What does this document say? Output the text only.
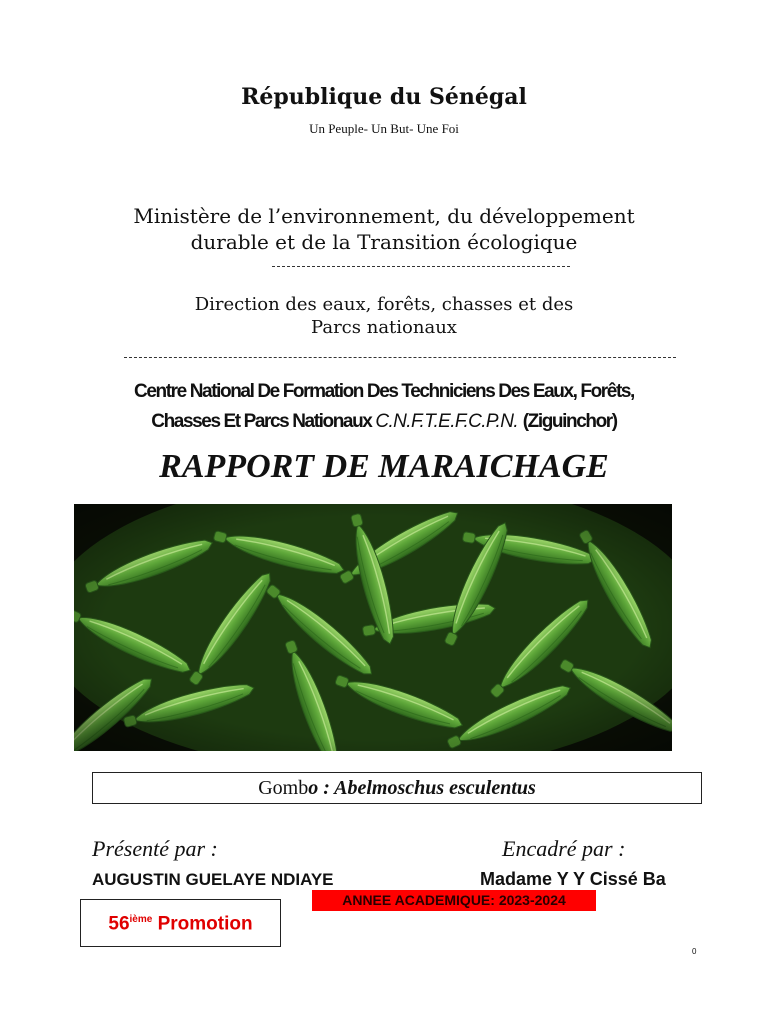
République du Sénégal
Un Peuple- Un But- Une Foi
Ministère de l’environnement, du développement
durable et de la Transition écologique
Direction des eaux, forêts, chasses et des
Parcs nationaux
Centre National De Formation Des Techniciens Des Eaux, Forêts,
Chasses Et Parcs Nationaux C.N.F.T.E.F.C.P.N. (Ziguinchor)
RAPPORT DE MARAICHAGE
Gombo : Abelmoschus esculentus
Présenté par :	Encadré par :
AUGUSTIN GUELAYE NDIAYE	Madame Y Y Cissé Ba
ANNEE ACADEMIQUE: 2023-2024
56ième Promotion
0
